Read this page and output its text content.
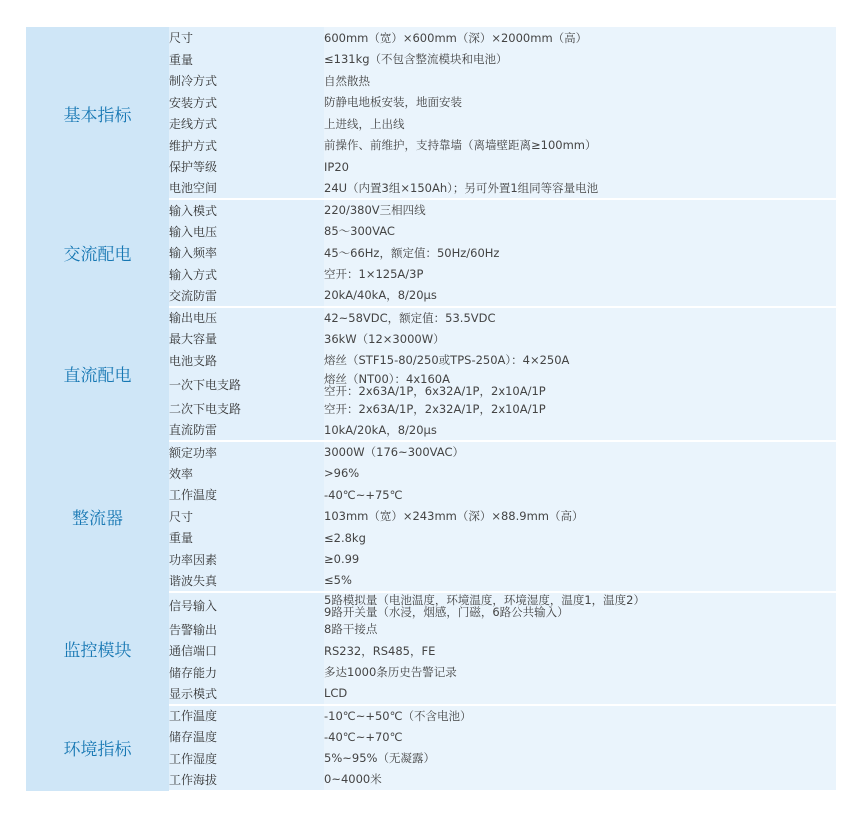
基本指标	尺寸	600mm（宽）×600mm（深）×2000mm（高）
	重量	≤131kg（不包含整流模块和电池）
	制冷方式	自然散热
	安装方式	防静电地板安装，地面安装
	走线方式	上进线，上出线
	维护方式	前操作、前维护，支持靠墙（离墙壁距离≥100mm）
	保护等级	IP20
	电池空间	24U（内置3组×150Ah）；另可外置1组同等容量电池
交流配电	输入模式	220/380V三相四线
	输入电压	85～300VAC
	输入频率	45～66Hz，额定值：50Hz/60Hz
	输入方式	空开：1×125A/3P
	交流防雷	20kA/40kA，8/20μs
直流配电	输出电压	42~58VDC，额定值：53.5VDC
	最大容量	36kW（12×3000W）
	电池支路	熔丝（STF15-80/250或TPS-250A）：4×250A
	一次下电支路	熔丝（NT00）：4x160A
空开：2x63A/1P，6x32A/1P，2x10A/1P

	二次下电支路	空开：2x63A/1P，2x32A/1P，2x10A/1P
	直流防雷	10kA/20kA，8/20μs
整流器	额定功率	3000W（176~300VAC）
	效率	>96%
	工作温度	-40℃~+75℃
	尺寸	103mm（宽）×243mm（深）×88.9mm（高）
	重量	≤2.8kg
	功率因素	≥0.99
	谐波失真	≤5%
监控模块	信号输入	5路模拟量（电池温度，环境温度，环境湿度，温度1，温度2）
9路开关量（水浸，烟感，门磁，6路公共输入）

	告警输出	8路干接点
	通信端口	RS232，RS485，FE
	储存能力	多达1000条历史告警记录
	显示模式	LCD
环境指标	工作温度	-10℃~+50℃（不含电池）
	储存温度	-40℃~+70℃
	工作湿度	5%~95%（无凝露）
	工作海拔	0~4000米
